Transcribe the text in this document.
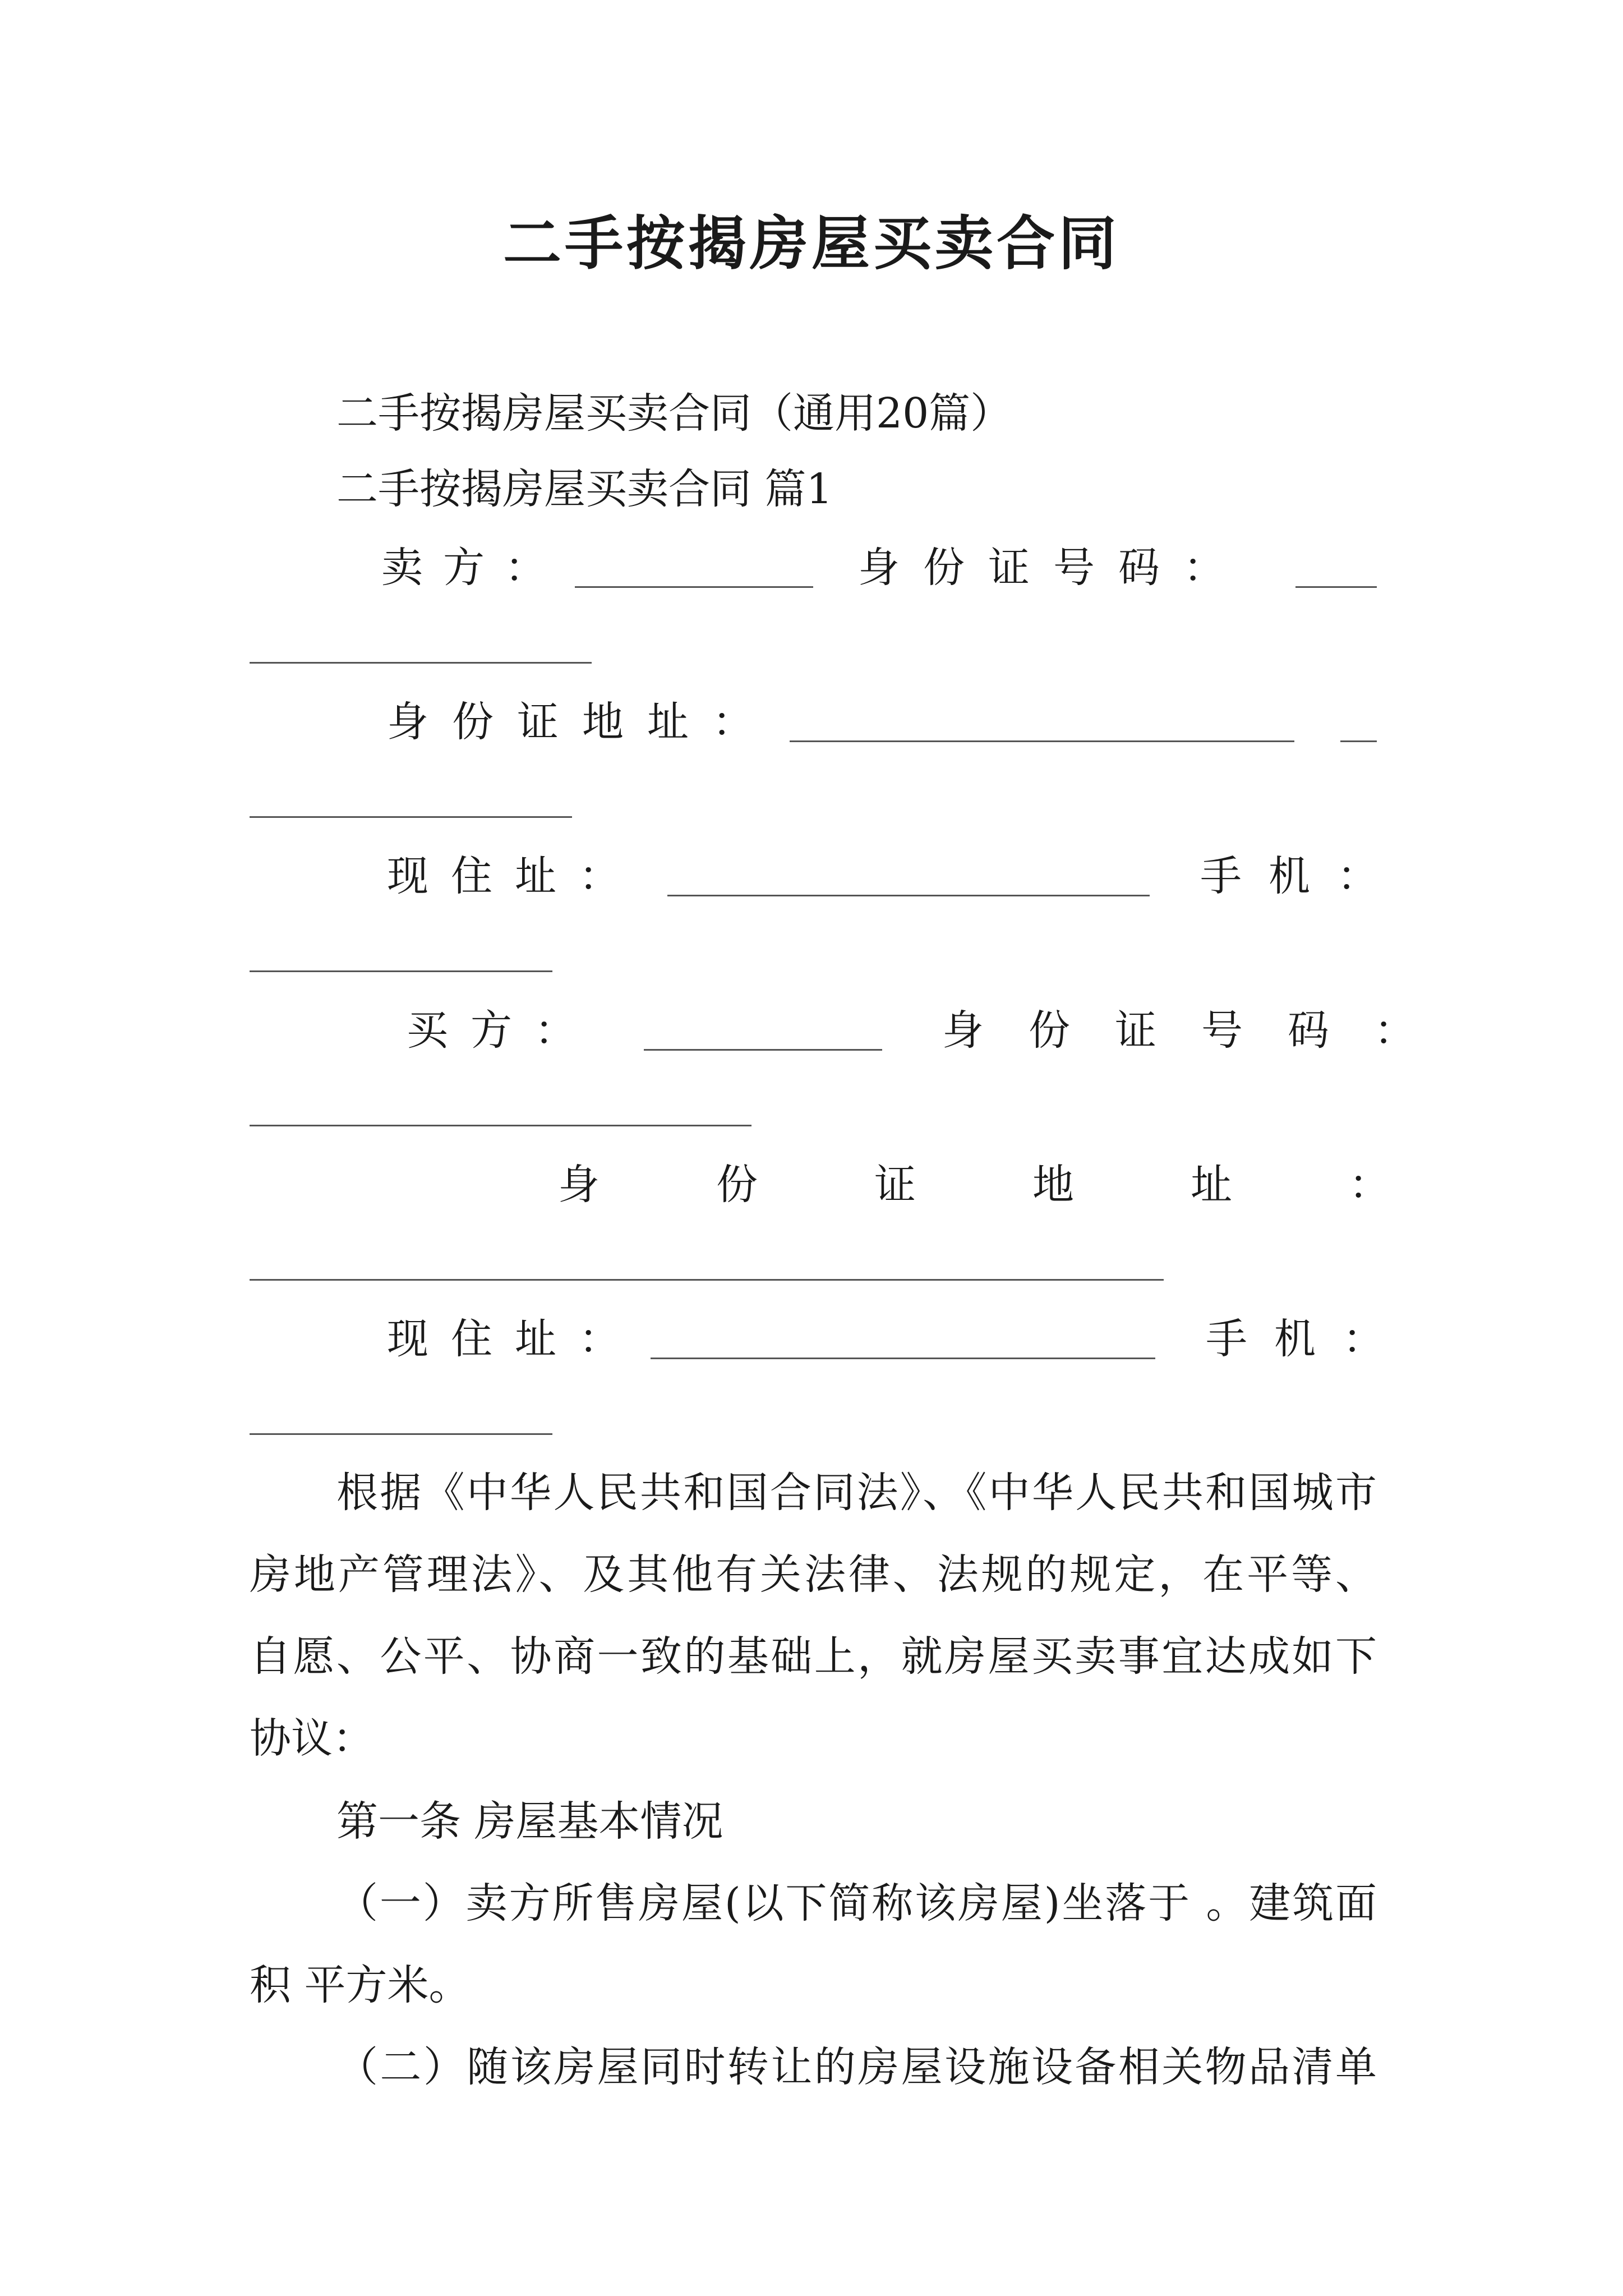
二手按揭房屋买卖合同
二手按揭房屋买卖合同（通用20篇）
二手按揭房屋买卖合同 篇1
卖方：	身份证号码：
身份证地址：
现住址：	手机：
买方：	身份证号码：
身份证地址：
现住址：	手机：
根据《中华人民共和国合同法》、《中华人民共和国城市
房地产管理法》、及其他有关法律、法规的规定，在平等、
自愿、公平、协商一致的基础上，就房屋买卖事宜达成如下
协议：
第一条 房屋基本情况
（一）卖方所售房屋(以下简称该房屋)坐落于 。建筑面
积 平方米。
（二）随该房屋同时转让的房屋设施设备相关物品清单
